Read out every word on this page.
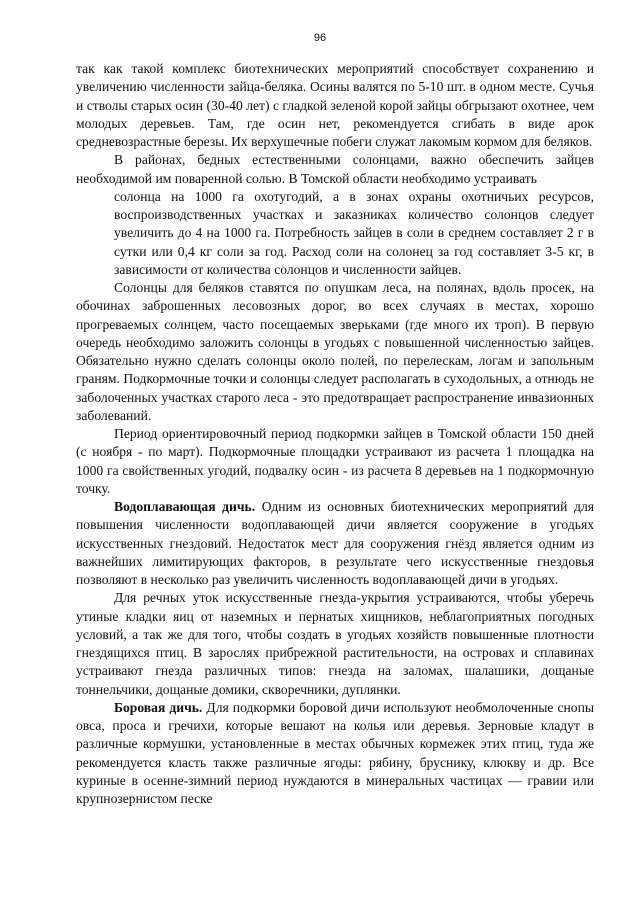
96

так как такой комплекс биотехнических мероприятий способствует сохранению и увеличению численности зайца-беляка. Осины валятся по 5-10 шт. в одном месте. Сучья и стволы старых осин (30-40 лет) с гладкой зеленой корой зайцы обгрызают охотнее, чем молодых деревьев. Там, где осин нет, рекомендуется сгибать в виде арок средневозрастные березы. Их верхушечные побеги служат лакомым кормом для беляков.

В районах, бедных естественными солонцами, важно обеспечить зайцев необходимой им поваренной солью. В Томской области необходимо устраивать

солонца на 1000 га охотугодий, а в зонах охраны охотничьих ресурсов, воспроизводственных участках и заказниках количество солонцов следует увеличить до 4 на 1000 га. Потребность зайцев в соли в среднем составляет 2 г в сутки или 0,4 кг соли за год. Расход соли на солонец за год составляет 3-5 кг, в зависимости от количества солонцов и численности зайцев.

Солонцы для беляков ставятся по опушкам леса, на полянах, вдоль просек, на обочинах заброшенных лесовозных дорог, во всех случаях в местах, хорошо прогреваемых солнцем, часто посещаемых зверьками (где много их троп). В первую очередь необходимо заложить солонцы в угодьях с повышенной численностью зайцев. Обязательно нужно сделать солонцы около полей, по перелескам, логам и запольным граням. Подкормочные точки и солонцы следует располагать в суходольных, а отнюдь не заболоченных участках старого леса - это предотвращает распространение инвазионных заболеваний.

Период ориентировочный период подкормки зайцев в Томской области 150 дней (с ноября - по март). Подкормочные площадки устраивают из расчета 1 площадка на 1000 га свойственных угодий, подвалку осин - из расчета 8 деревьев на 1 подкормочную точку.

Водоплавающая дичь. Одним из основных биотехнических мероприятий для повышения численности водоплавающей дичи является сооружение в угодьях искусственных гнездовий. Недостаток мест для сооружения гнёзд является одним из важнейших лимитирующих факторов, в результате чего искусственные гнездовья позволяют в несколько раз увеличить численность водоплавающей дичи в угодьях.

Для речных уток искусственные гнезда-укрытия устраиваются, чтобы уберечь утиные кладки яиц от наземных и пернатых хищников, неблагоприятных погодных условий, а так же для того, чтобы создать в угодьях хозяйств повышенные плотности гнездящихся птиц. В зарослях прибрежной растительности, на островах и сплавинах устраивают гнезда различных типов: гнезда на заломах, шалашики, дощаные тоннельчики, дощаные домики, скворечники, дуплянки.

Боровая дичь. Для подкормки боровой дичи используют необмолоченные снопы овса, проса и гречихи, которые вешают на колья или деревья. Зерновые кладут в различные кормушки, установленные в местах обычных кормежек этих птиц, туда же рекомендуется класть также различные ягоды: рябину, бруснику, клюкву и др. Все куриные в осенне-зимний период нуждаются в минеральных частицах — гравии или крупнозернистом песке
